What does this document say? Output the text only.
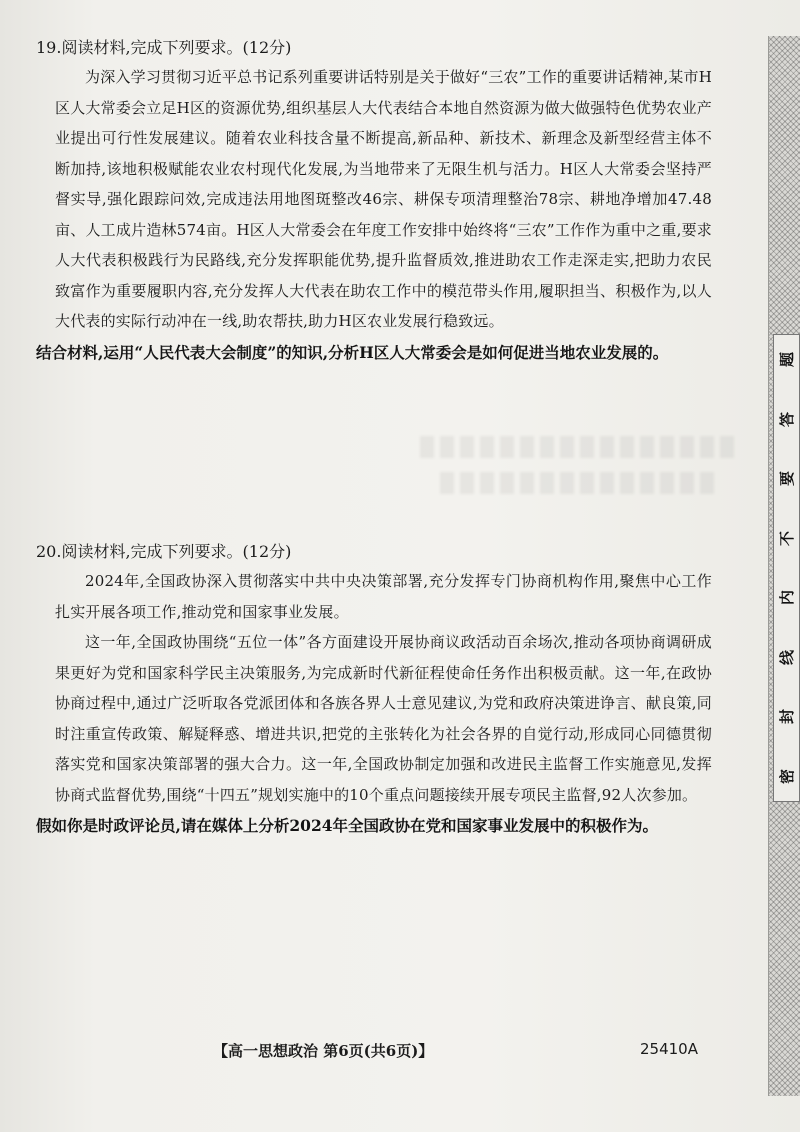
19.阅读材料,完成下列要求。(12分)

为深入学习贯彻习近平总书记系列重要讲话特别是关于做好“三农”工作的重要讲话精神,某市H区人大常委会立足H区的资源优势,组织基层人大代表结合本地自然资源为做大做强特色优势农业产业提出可行性发展建议。随着农业科技含量不断提高,新品种、新技术、新理念及新型经营主体不断加持,该地积极赋能农业农村现代化发展,为当地带来了无限生机与活力。H区人大常委会坚持严督实导,强化跟踪问效,完成违法用地图斑整改46宗、耕保专项清理整治78宗、耕地净增加47.48亩、人工成片造林574亩。H区人大常委会在年度工作安排中始终将“三农”工作作为重中之重,要求人大代表积极践行为民路线,充分发挥职能优势,提升监督质效,推进助农工作走深走实,把助力农民致富作为重要履职内容,充分发挥人大代表在助农工作中的模范带头作用,履职担当、积极作为,以人大代表的实际行动冲在一线,助农帮扶,助力H区农业发展行稳致远。

结合材料,运用“人民代表大会制度”的知识,分析H区人大常委会是如何促进当地农业发展的。

20.阅读材料,完成下列要求。(12分)

2024年,全国政协深入贯彻落实中共中央决策部署,充分发挥专门协商机构作用,聚焦中心工作扎实开展各项工作,推动党和国家事业发展。

这一年,全国政协围绕“五位一体”各方面建设开展协商议政活动百余场次,推动各项协商调研成果更好为党和国家科学民主决策服务,为完成新时代新征程使命任务作出积极贡献。这一年,在政协协商过程中,通过广泛听取各党派团体和各族各界人士意见建议,为党和政府决策进诤言、献良策,同时注重宣传政策、解疑释惑、增进共识,把党的主张转化为社会各界的自觉行动,形成同心同德贯彻落实党和国家决策部署的强大合力。这一年,全国政协制定加强和改进民主监督工作实施意见,发挥协商式监督优势,围绕“十四五”规划实施中的10个重点问题接续开展专项民主监督,92人次参加。

假如你是时政评论员,请在媒体上分析2024年全国政协在党和国家事业发展中的积极作为。

题
答
要
不
内
线
封
密
【高一思想政治 第6页(共6页)】	25410A
